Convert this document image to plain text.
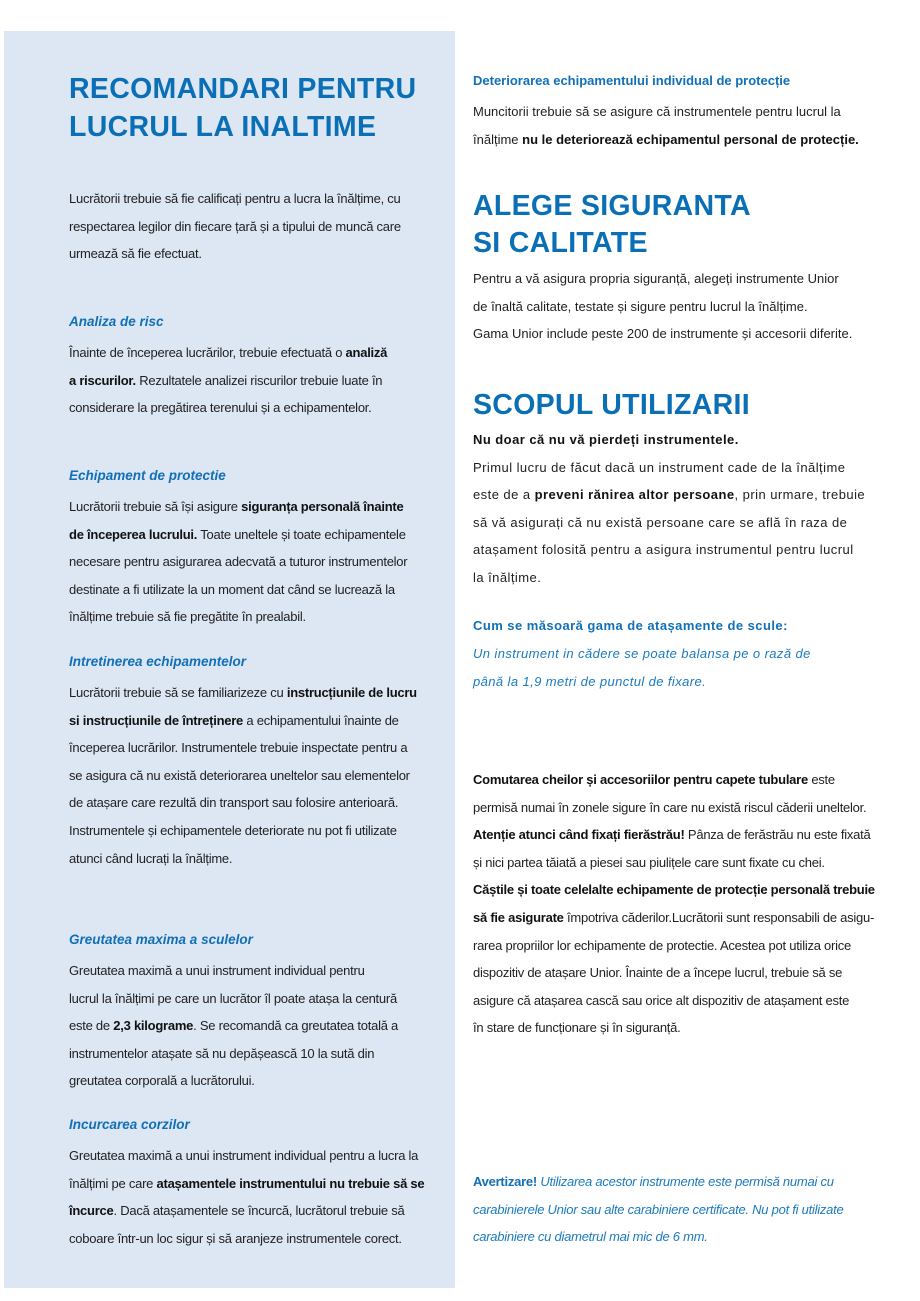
RECOMANDARI PENTRU
LUCRUL LA INALTIME
Lucrătorii trebuie să fie calificați pentru a lucra la înălțime, cu
respectarea legilor din fiecare țară și a tipului de muncă care
urmează să fie efectuat.
Analiza de risc
Înainte de începerea lucrărilor, trebuie efectuată o analiză
a riscurilor. Rezultatele analizei riscurilor trebuie luate în
considerare la pregătirea terenului și a echipamentelor.
Echipament de protectie
Lucrătorii trebuie să își asigure siguranța personală înainte
de începerea lucrului. Toate uneltele și toate echipamentele
necesare pentru asigurarea adecvată a tuturor instrumentelor
destinate a fi utilizate la un moment dat când se lucrează la
înălțime trebuie să fie pregătite în prealabil.
Intretinerea echipamentelor
Lucrătorii trebuie să se familiarizeze cu instrucțiunile de lucru
si instrucțiunile de întreținere a echipamentului înainte de
începerea lucrărilor. Instrumentele trebuie inspectate pentru a
se asigura că nu există deteriorarea uneltelor sau elementelor
de atașare care rezultă din transport sau folosire anterioară.
Instrumentele și echipamentele deteriorate nu pot fi utilizate
atunci când lucrați la înălțime.
Greutatea maxima a sculelor
Greutatea maximă a unui instrument individual pentru
lucrul la înălțimi pe care un lucrător îl poate atașa la centură
este de 2,3 kilograme. Se recomandă ca greutatea totală a
instrumentelor atașate să nu depășească 10 la sută din
greutatea corporală a lucrătorului.
Incurcarea corzilor
Greutatea maximă a unui instrument individual pentru a lucra la
înălțimi pe care atașamentele instrumentului nu trebuie să se
încurce. Dacă atașamentele se încurcă, lucrătorul trebuie să
coboare într-un loc sigur și să aranjeze instrumentele corect.
Deteriorarea echipamentului individual de protecție
Muncitorii trebuie să se asigure că instrumentele pentru lucrul la
înălțime nu le deteriorează echipamentul personal de protecție.
ALEGE SIGURANTA
SI CALITATE
Pentru a vă asigura propria siguranță, alegeți instrumente Unior
de înaltă calitate, testate și sigure pentru lucrul la înălțime.
Gama Unior include peste 200 de instrumente și accesorii diferite.
SCOPUL UTILIZARII
Nu doar că nu vă pierdeți instrumentele.
Primul lucru de făcut dacă un instrument cade de la înălțime
este de a preveni rănirea altor persoane, prin urmare, trebuie
să vă asigurați că nu există persoane care se află în raza de
atașament folosită pentru a asigura instrumentul pentru lucrul
la înălțime.
Cum se măsoară gama de atașamente de scule:
Un instrument in cădere se poate balansa pe o rază de
până la 1,9 metri de punctul de fixare.
Comutarea cheilor și accesoriilor pentru capete tubulare este
permisă numai în zonele sigure în care nu există riscul căderii uneltelor.
Atenție atunci când fixați fierăstrău! Pânza de ferăstrău nu este fixată
și nici partea tăiată a piesei sau piulițele care sunt fixate cu chei.
Căștile și toate celelalte echipamente de protecție personală trebuie
să fie asigurate împotriva căderilor.Lucrătorii sunt responsabili de asigu-
rarea propriilor lor echipamente de protectie. Acestea pot utiliza orice
dispozitiv de atașare Unior. Înainte de a începe lucrul, trebuie să se
asigure că atașarea cască sau orice alt dispozitiv de atașament este
în stare de funcționare și în siguranță.
Avertizare! Utilizarea acestor instrumente este permisă numai cu
carabinierele Unior sau alte carabiniere certificate. Nu pot fi utilizate
carabiniere cu diametrul mai mic de 6 mm.
